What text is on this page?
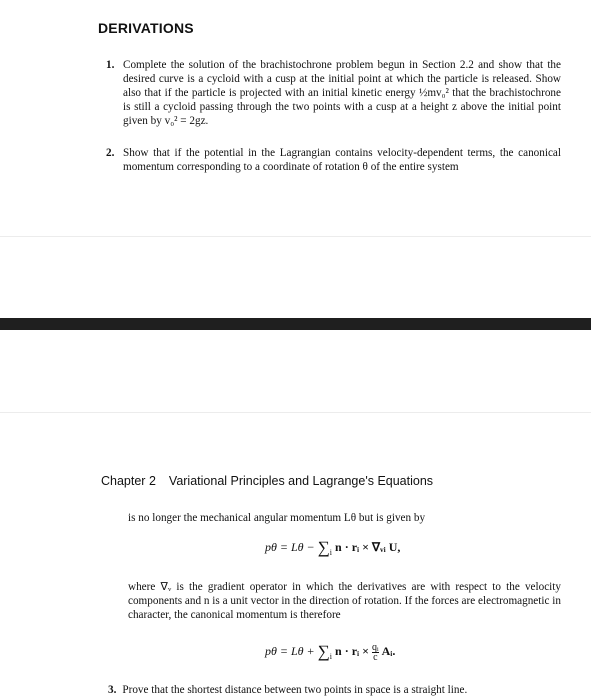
DERIVATIONS
1. Complete the solution of the brachistochrone problem begun in Section 2.2 and show that the desired curve is a cycloid with a cusp at the initial point at which the particle is released. Show also that if the particle is projected with an initial kinetic energy ½mv₀² that the brachistochrone is still a cycloid passing through the two points with a cusp at a height z above the initial point given by v₀² = 2gz.
2. Show that if the potential in the Lagrangian contains velocity-dependent terms, the canonical momentum corresponding to a coordinate of rotation θ of the entire system
Chapter 2 Variational Principles and Lagrange's Equations
is no longer the mechanical angular momentum Lθ but is given by
$p\theta = L\theta - \sum_i$ n · rᵢ × ∇ᵥᵢ U,
where ∇ᵥ is the gradient operator in which the derivatives are with respect to the velocity components and n is a unit vector in the direction of rotation. If the forces are electromagnetic in character, the canonical momentum is therefore
$p\theta = L\theta + \sum_i$ n · rᵢ × $\frac{\text{qᵢ}}{c}$ Aᵢ.
3. Prove that the shortest distance between two points in space is a straight line.
